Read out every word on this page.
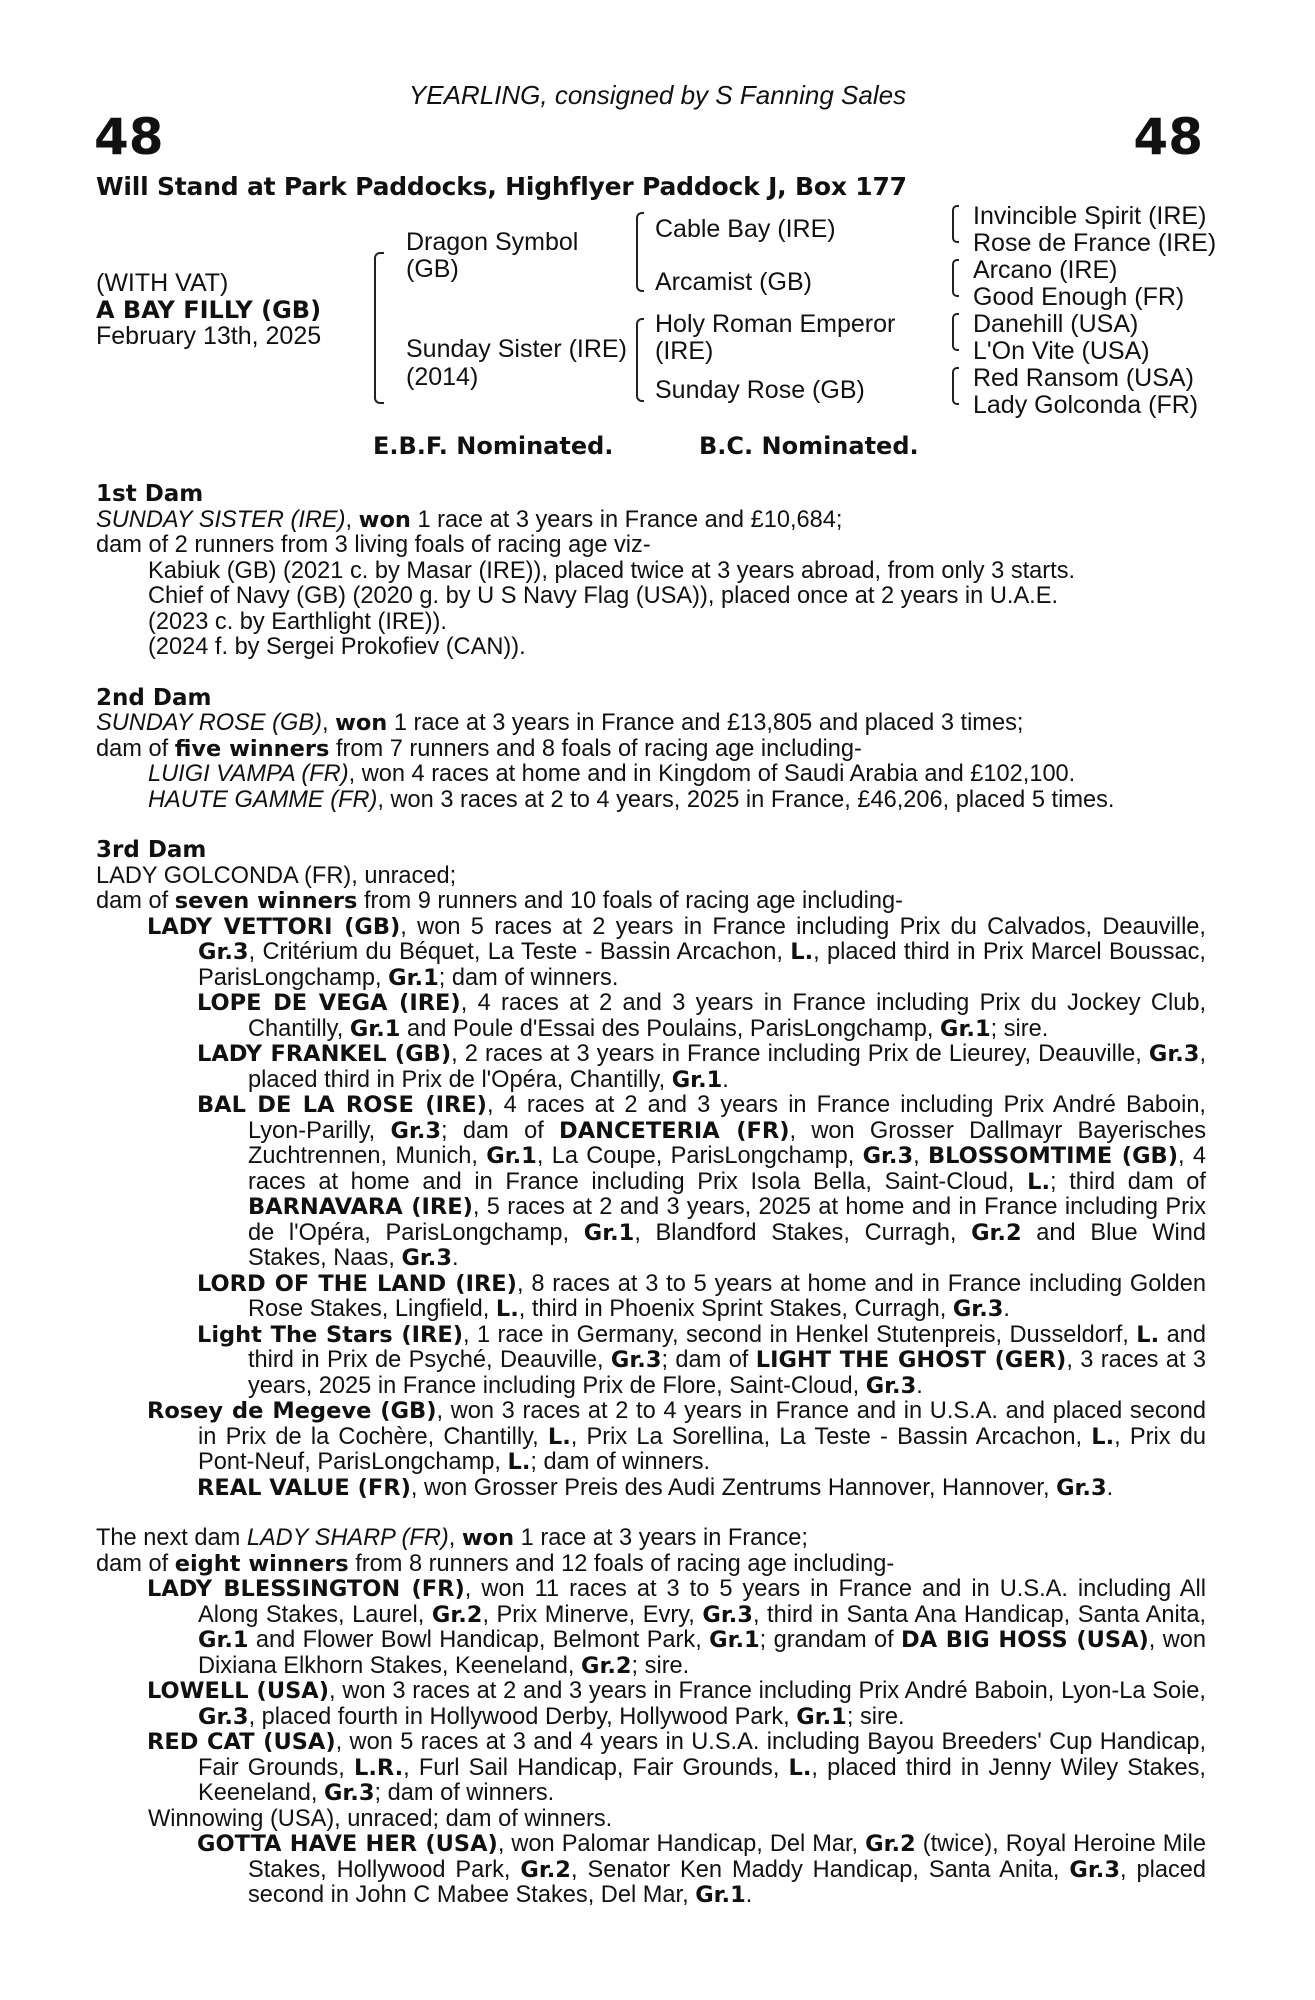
YEARLING, consigned by S Fanning Sales
48	48
Will Stand at Park Paddocks, Highflyer Paddock J, Box 177
(WITH VAT)
A BAY FILLY (GB)
February 13th, 2025
Dragon Symbol
(GB)
Sunday Sister (IRE)
(2014)
Cable Bay (IRE)
Arcamist (GB)
Holy Roman Emperor
(IRE)
Sunday Rose (GB)
Invincible Spirit (IRE)
Rose de France (IRE)
Arcano (IRE)
Good Enough (FR)
Danehill (USA)
L'On Vite (USA)
Red Ransom (USA)
Lady Golconda (FR)
E.B.F. Nominated.	B.C. Nominated.

1st Dam

SUNDAY SISTER (IRE), won 1 race at 3 years in France and £10,684;

dam of 2 runners from 3 living foals of racing age viz-

Kabiuk (GB) (2021 c. by Masar (IRE)), placed twice at 3 years abroad, from only 3 starts.

Chief of Navy (GB) (2020 g. by U S Navy Flag (USA)), placed once at 2 years in U.A.E.

(2023 c. by Earthlight (IRE)).

(2024 f. by Sergei Prokofiev (CAN)).

2nd Dam

SUNDAY ROSE (GB), won 1 race at 3 years in France and £13,805 and placed 3 times;

dam of five winners from 7 runners and 8 foals of racing age including-

LUIGI VAMPA (FR), won 4 races at home and in Kingdom of Saudi Arabia and £102,100.

HAUTE GAMME (FR), won 3 races at 2 to 4 years, 2025 in France, £46,206, placed 5 times.

3rd Dam

LADY GOLCONDA (FR), unraced;

dam of seven winners from 9 runners and 10 foals of racing age including-

LADY VETTORI (GB), won 5 races at 2 years in France including Prix du Calvados, Deauville, Gr.3, Critérium du Béquet, La Teste - Bassin Arcachon, L., placed third in Prix Marcel Boussac, ParisLongchamp, Gr.1; dam of winners.

LOPE DE VEGA (IRE), 4 races at 2 and 3 years in France including Prix du Jockey Club, Chantilly, Gr.1 and Poule d'Essai des Poulains, ParisLongchamp, Gr.1; sire.

LADY FRANKEL (GB), 2 races at 3 years in France including Prix de Lieurey, Deauville, Gr.3, placed third in Prix de l'Opéra, Chantilly, Gr.1.

BAL DE LA ROSE (IRE), 4 races at 2 and 3 years in France including Prix André Baboin, Lyon-Parilly, Gr.3; dam of DANCETERIA (FR), won Grosser Dallmayr Bayerisches Zuchtrennen, Munich, Gr.1, La Coupe, ParisLongchamp, Gr.3, BLOSSOMTIME (GB), 4 races at home and in France including Prix Isola Bella, Saint-Cloud, L.; third dam of BARNAVARA (IRE), 5 races at 2 and 3 years, 2025 at home and in France including Prix de l'Opéra, ParisLongchamp, Gr.1, Blandford Stakes, Curragh, Gr.2 and Blue Wind Stakes, Naas, Gr.3.

LORD OF THE LAND (IRE), 8 races at 3 to 5 years at home and in France including Golden Rose Stakes, Lingfield, L., third in Phoenix Sprint Stakes, Curragh, Gr.3.

Light The Stars (IRE), 1 race in Germany, second in Henkel Stutenpreis, Dusseldorf, L. and third in Prix de Psyché, Deauville, Gr.3; dam of LIGHT THE GHOST (GER), 3 races at 3 years, 2025 in France including Prix de Flore, Saint-Cloud, Gr.3.

Rosey de Megeve (GB), won 3 races at 2 to 4 years in France and in U.S.A. and placed second in Prix de la Cochère, Chantilly, L., Prix La Sorellina, La Teste - Bassin Arcachon, L., Prix du Pont-Neuf, ParisLongchamp, L.; dam of winners.

REAL VALUE (FR), won Grosser Preis des Audi Zentrums Hannover, Hannover, Gr.3.

The next dam LADY SHARP (FR), won 1 race at 3 years in France;

dam of eight winners from 8 runners and 12 foals of racing age including-

LADY BLESSINGTON (FR), won 11 races at 3 to 5 years in France and in U.S.A. including All Along Stakes, Laurel, Gr.2, Prix Minerve, Evry, Gr.3, third in Santa Ana Handicap, Santa Anita, Gr.1 and Flower Bowl Handicap, Belmont Park, Gr.1; grandam of DA BIG HOSS (USA), won Dixiana Elkhorn Stakes, Keeneland, Gr.2; sire.

LOWELL (USA), won 3 races at 2 and 3 years in France including Prix André Baboin, Lyon-La Soie, Gr.3, placed fourth in Hollywood Derby, Hollywood Park, Gr.1; sire.

RED CAT (USA), won 5 races at 3 and 4 years in U.S.A. including Bayou Breeders' Cup Handicap, Fair Grounds, L.R., Furl Sail Handicap, Fair Grounds, L., placed third in Jenny Wiley Stakes, Keeneland, Gr.3; dam of winners.

Winnowing (USA), unraced; dam of winners.

GOTTA HAVE HER (USA), won Palomar Handicap, Del Mar, Gr.2 (twice), Royal Heroine Mile Stakes, Hollywood Park, Gr.2, Senator Ken Maddy Handicap, Santa Anita, Gr.3, placed second in John C Mabee Stakes, Del Mar, Gr.1.
